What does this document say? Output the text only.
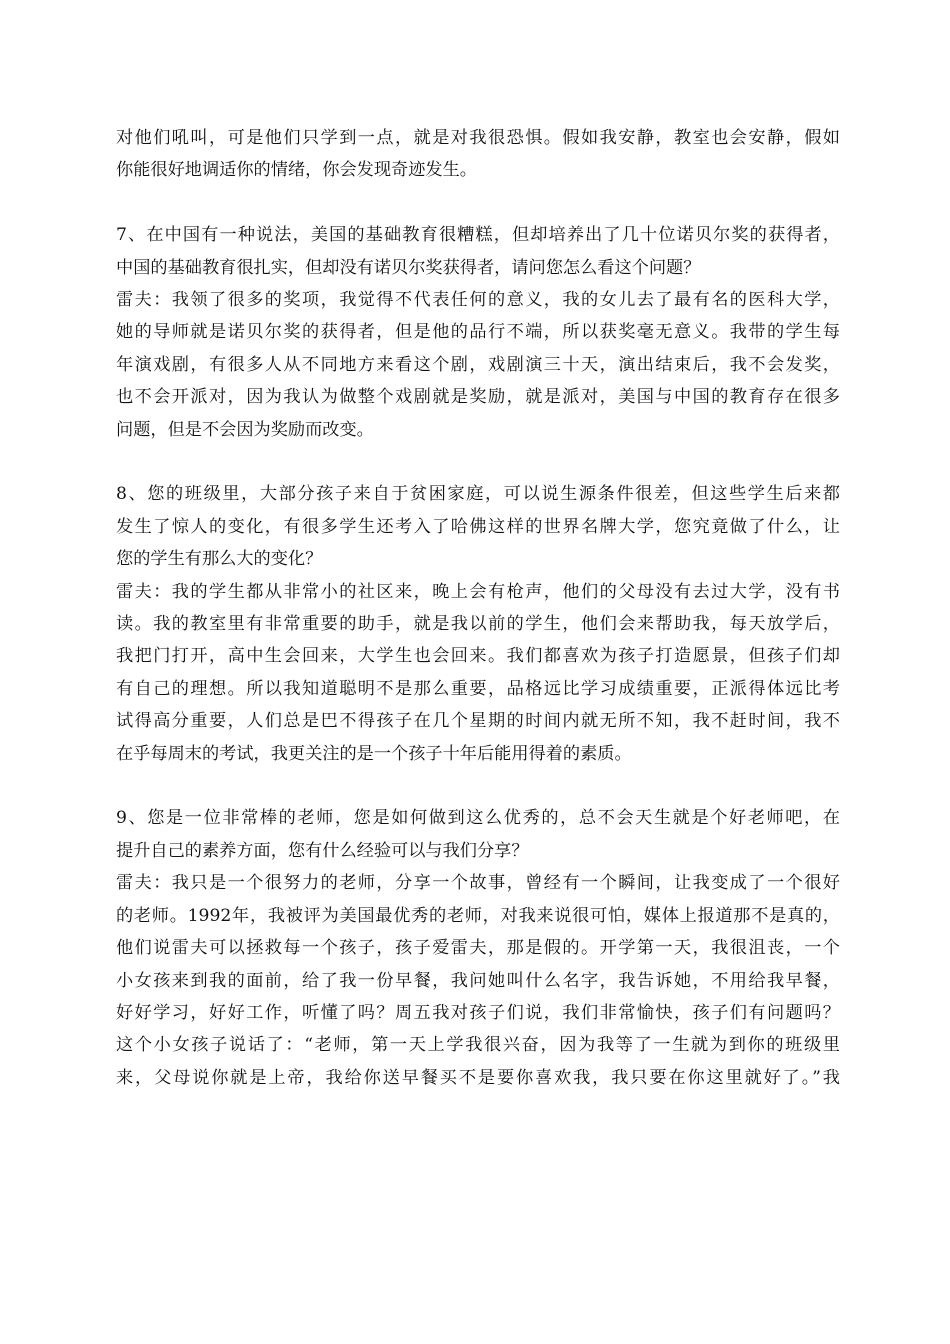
对他们吼叫，可是他们只学到一点，就是对我很恐惧。假如我安静，教室也会安静，假如
你能很好地调适你的情绪，你会发现奇迹发生。
7、在中国有一种说法，美国的基础教育很糟糕，但却培养出了几十位诺贝尔奖的获得者，
中国的基础教育很扎实，但却没有诺贝尔奖获得者，请问您怎么看这个问题？
雷夫：我领了很多的奖项，我觉得不代表任何的意义，我的女儿去了最有名的医科大学，
她的导师就是诺贝尔奖的获得者，但是他的品行不端，所以获奖毫无意义。我带的学生每
年演戏剧，有很多人从不同地方来看这个剧，戏剧演三十天，演出结束后，我不会发奖，
也不会开派对，因为我认为做整个戏剧就是奖励，就是派对，美国与中国的教育存在很多
问题，但是不会因为奖励而改变。
8、您的班级里，大部分孩子来自于贫困家庭，可以说生源条件很差，但这些学生后来都
发生了惊人的变化，有很多学生还考入了哈佛这样的世界名牌大学，您究竟做了什么，让
您的学生有那么大的变化？
雷夫：我的学生都从非常小的社区来，晚上会有枪声，他们的父母没有去过大学，没有书
读。我的教室里有非常重要的助手，就是我以前的学生，他们会来帮助我，每天放学后，
我把门打开，高中生会回来，大学生也会回来。我们都喜欢为孩子打造愿景，但孩子们却
有自己的理想。所以我知道聪明不是那么重要，品格远比学习成绩重要，正派得体远比考
试得高分重要，人们总是巴不得孩子在几个星期的时间内就无所不知，我不赶时间，我不
在乎每周末的考试，我更关注的是一个孩子十年后能用得着的素质。
9、您是一位非常棒的老师，您是如何做到这么优秀的，总不会天生就是个好老师吧，在
提升自己的素养方面，您有什么经验可以与我们分享？
雷夫：我只是一个很努力的老师，分享一个故事，曾经有一个瞬间，让我变成了一个很好
的老师。1992年，我被评为美国最优秀的老师，对我来说很可怕，媒体上报道那不是真的，
他们说雷夫可以拯救每一个孩子，孩子爱雷夫，那是假的。开学第一天，我很沮丧，一个
小女孩来到我的面前，给了我一份早餐，我问她叫什么名字，我告诉她，不用给我早餐，
好好学习，好好工作，听懂了吗？周五我对孩子们说，我们非常愉快，孩子们有问题吗？
这个小女孩子说话了：“老师，第一天上学我很兴奋，因为我等了一生就为到你的班级里
来，父母说你就是上帝，我给你送早餐买不是要你喜欢我，我只要在你这里就好了。”我
